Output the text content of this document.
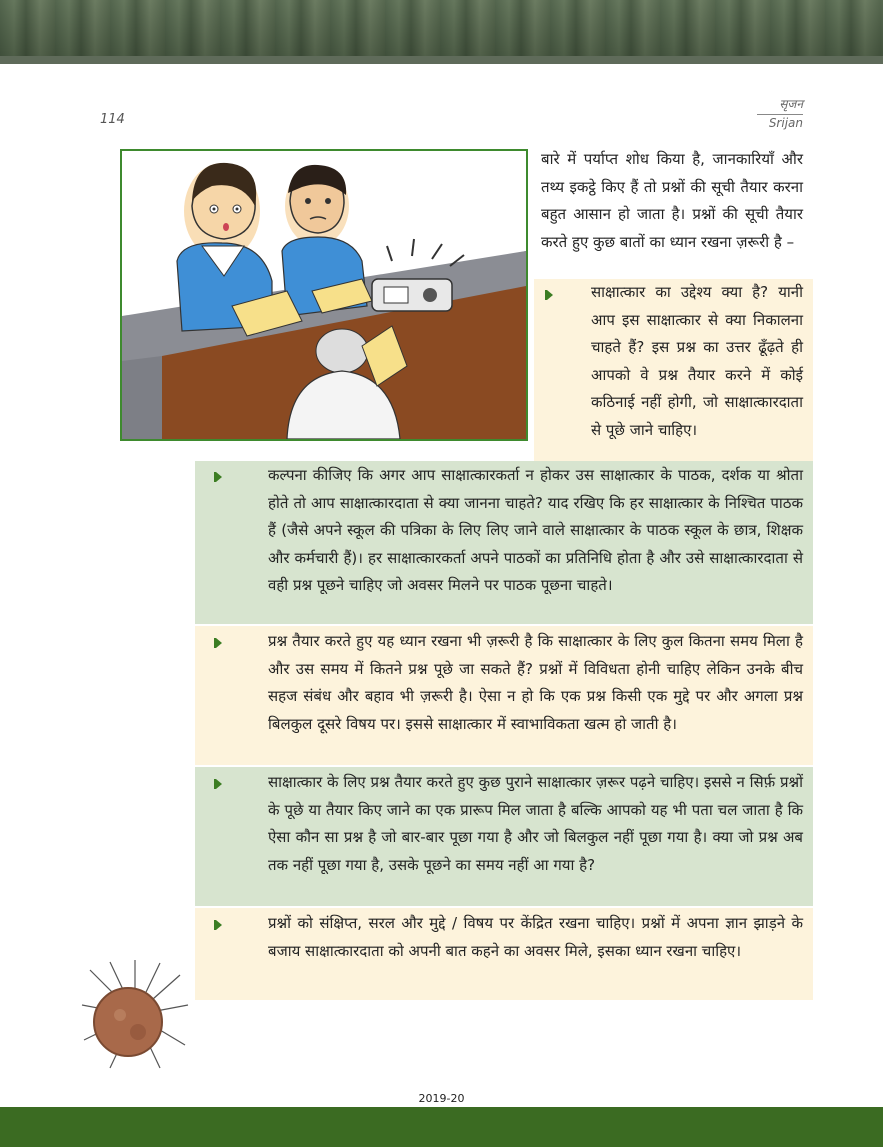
114
सृजन
Srijan
बारे में पर्याप्त शोध किया है, जानकारियाँ और तथ्य इकट्ठे किए हैं तो प्रश्नों की सूची तैयार करना बहुत आसान हो जाता है। प्रश्नों की सूची तैयार करते हुए कुछ बातों का ध्यान रखना ज़रूरी है –
साक्षात्कार का उद्देश्य क्या है? यानी आप इस साक्षात्कार से क्या निकालना चाहते हैं? इस प्रश्न का उत्तर ढूँढ़ते ही आपको वे प्रश्न तैयार करने में कोई कठिनाई नहीं होगी, जो साक्षात्कारदाता से पूछे जाने चाहिए।
कल्पना कीजिए कि अगर आप साक्षात्कारकर्ता न होकर उस साक्षात्कार के पाठक, दर्शक या श्रोता होते तो आप साक्षात्कारदाता से क्या जानना चाहते? याद रखिए कि हर साक्षात्कार के निश्चित पाठक हैं (जैसे अपने स्कूल की पत्रिका के लिए लिए जाने वाले साक्षात्कार के पाठक स्कूल के छात्र, शिक्षक और कर्मचारी हैं)। हर साक्षात्कारकर्ता अपने पाठकों का प्रतिनिधि होता है और उसे साक्षात्कारदाता से वही प्रश्न पूछने चाहिए जो अवसर मिलने पर पाठक पूछना चाहते।
प्रश्न तैयार करते हुए यह ध्यान रखना भी ज़रूरी है कि साक्षात्कार के लिए कुल कितना समय मिला है और उस समय में कितने प्रश्न पूछे जा सकते हैं? प्रश्नों में विविधता होनी चाहिए लेकिन उनके बीच सहज संबंध और बहाव भी ज़रूरी है। ऐसा न हो कि एक प्रश्न किसी एक मुद्दे पर और अगला प्रश्न बिलकुल दूसरे विषय पर। इससे साक्षात्कार में स्वाभाविकता खत्म हो जाती है।
साक्षात्कार के लिए प्रश्न तैयार करते हुए कुछ पुराने साक्षात्कार ज़रूर पढ़ने चाहिए। इससे न सिर्फ़ प्रश्नों के पूछे या तैयार किए जाने का एक प्रारूप मिल जाता है बल्कि आपको यह भी पता चल जाता है कि ऐसा कौन सा प्रश्न है जो बार-बार पूछा गया है और जो बिलकुल नहीं पूछा गया है। क्या जो प्रश्न अब तक नहीं पूछा गया है, उसके पूछने का समय नहीं आ गया है?
प्रश्नों को संक्षिप्त, सरल और मुद्दे / विषय पर केंद्रित रखना चाहिए। प्रश्नों में अपना ज्ञान झाड़ने के बजाय साक्षात्कारदाता को अपनी बात कहने का अवसर मिले, इसका ध्यान रखना चाहिए।
2019-20
